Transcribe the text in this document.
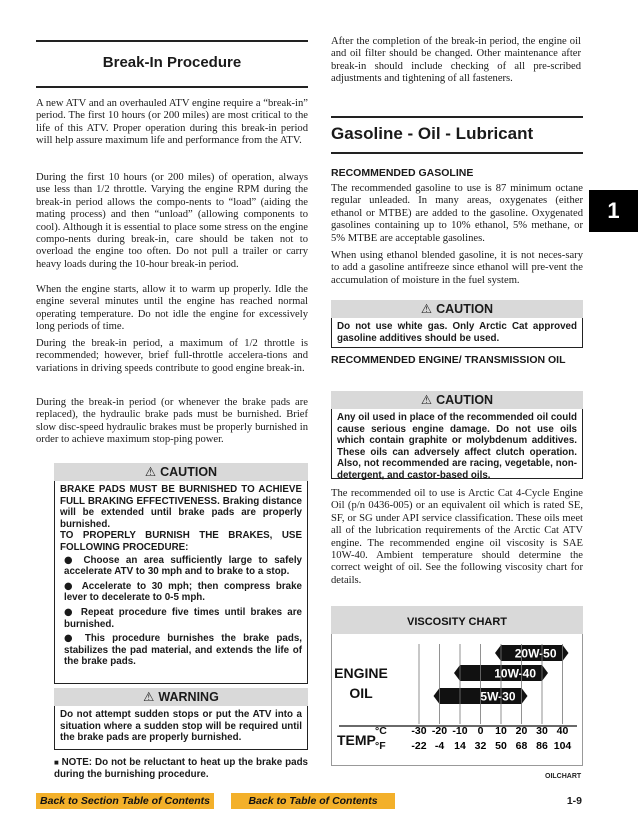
Break-In Procedure
A new ATV and an overhauled ATV engine require a “break-in” period. The first 10 hours (or 200 miles) are most critical to the life of this ATV. Proper operation during this break-in period will help assure maximum life and performance from the ATV.
During the first 10 hours (or 200 miles) of operation, always use less than 1/2 throttle. Varying the engine RPM during the break-in period allows the compo-nents to “load” (aiding the mating process) and then “unload” (allowing components to cool). Although it is essential to place some stress on the engine compo-nents during break-in, care should be taken not to overload the engine too often. Do not pull a trailer or carry heavy loads during the 10-hour break-in period.
When the engine starts, allow it to warm up properly. Idle the engine several minutes until the engine has reached normal operating temperature. Do not idle the engine for excessively long periods of time.
During the break-in period, a maximum of 1/2 throttle is recommended; however, brief full-throttle accelera-tions and variations in driving speeds contribute to good engine break-in.
During the break-in period (or whenever the brake pads are replaced), the hydraulic brake pads must be burnished. Brief slow disc-speed hydraulic brakes must be properly burnished in order to achieve maximum stop-ping power.
⚠ CAUTION

BRAKE PADS MUST BE BURNISHED TO ACHIEVE FULL BRAKING EFFECTIVENESS. Braking distance will be extended until brake pads are properly burnished.

TO PROPERLY BURNISH THE BRAKES, USE FOLLOWING PROCEDURE:

● Choose an area sufficiently large to safely accelerate ATV to 30 mph and to brake to a stop.

● Accelerate to 30 mph; then compress brake lever to decelerate to 0-5 mph.

● Repeat procedure five times until brakes are burnished.

● This procedure burnishes the brake pads, stabilizes the pad material, and extends the life of the brake pads.

⚠ WARNING

Do not attempt sudden stops or put the ATV into a situation where a sudden stop will be required until the brake pads are properly burnished.

■ NOTE: Do not be reluctant to heat up the brake pads during the burnishing procedure.
After the completion of the break-in period, the engine oil and oil filter should be changed. Other maintenance after break-in should include checking of all pre-scribed adjustments and tightening of all fasteners.
Gasoline - Oil - Lubricant
RECOMMENDED GASOLINE
The recommended gasoline to use is 87 minimum octane regular unleaded. In many areas, oxygenates (either ethanol or MTBE) are added to the gasoline. Oxygenated gasolines containing up to 10% ethanol, 5% methane, or 5% MTBE are acceptable gasolines.
When using ethanol blended gasoline, it is not neces-sary to add a gasoline antifreeze since ethanol will pre-vent the accumulation of moisture in the fuel system.
⚠ CAUTION

Do not use white gas. Only Arctic Cat approved gasoline additives should be used.

RECOMMENDED ENGINE/ TRANSMISSION OIL
⚠ CAUTION

Any oil used in place of the recommended oil could cause serious engine damage. Do not use oils which contain graphite or molybdenum additives. These oils can adversely affect clutch operation. Also, not recommended are racing, vegetable, non-detergent, and castor-based oils.

The recommended oil to use is Arctic Cat 4-Cycle Engine Oil (p/n 0436-005) or an equivalent oil which is rated SE, SF, or SG under API service classification. These oils meet all of the lubrication requirements of the Arctic Cat ATV engine. The recommended engine oil viscosity is SAE 10W-40. Ambient temperature should determine the correct weight of oil. See the following viscosity chart for details.
1
VISCOSITY CHART
ENGINE
OIL
20W-50
10W-40
5W-30
TEMP
°C
°F
-30
-22
-20
-4
-10
14
0
32
10
50
20
68
30
86
40
104
OILCHART
Back to Section Table of Contents	Back to Table of Contents	1-9
